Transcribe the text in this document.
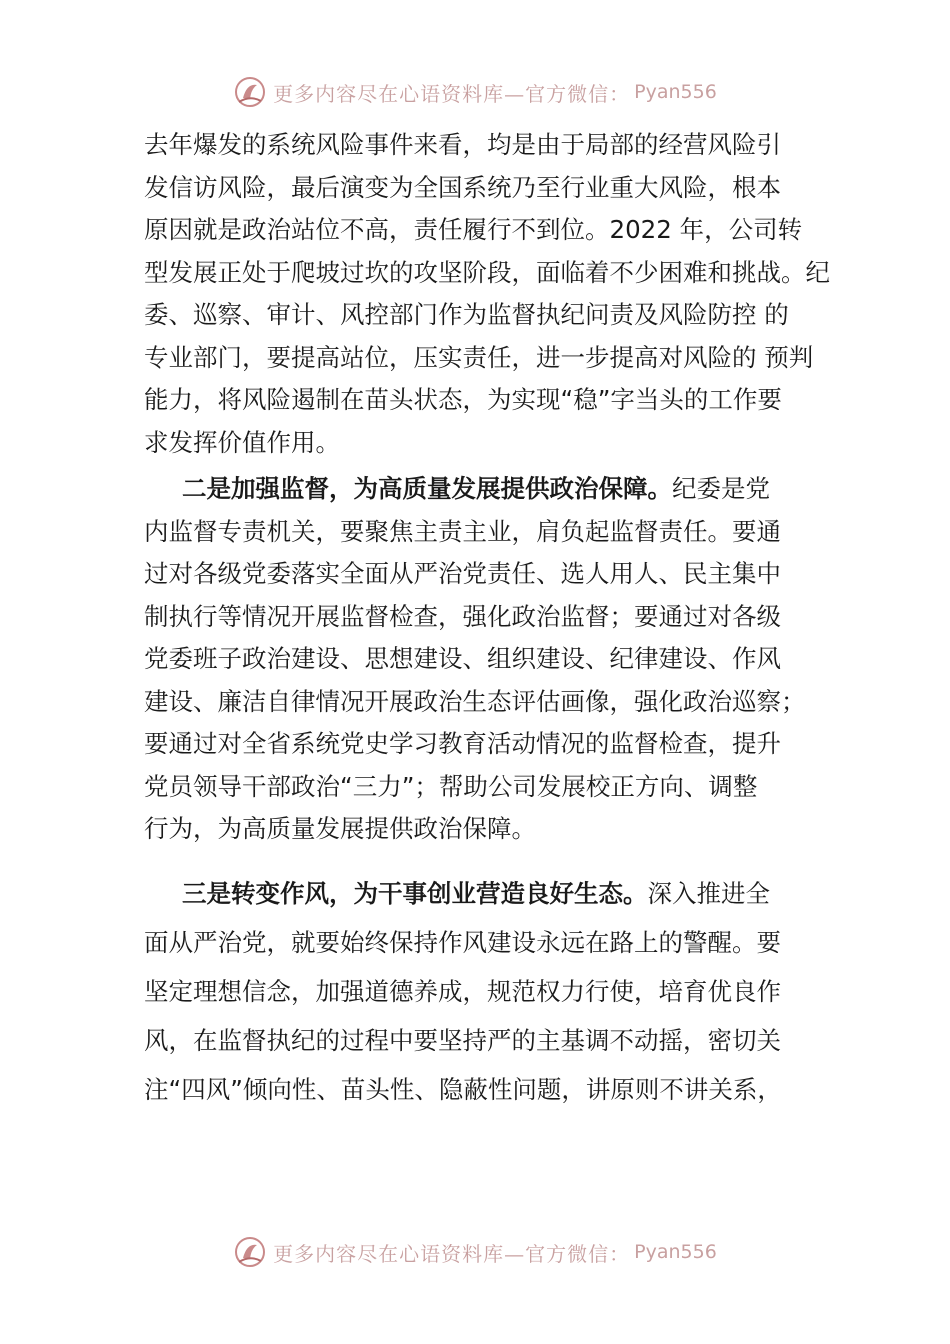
更多内容尽在心语资料库—官方微信： Pyan556
去年爆发的系统风险事件来看，均是由于局部的经营风险引
发信访风险，最后演变为全国系统乃至行业重大风险，根本
原因就是政治站位不高，责任履行不到位。2022 年，公司转
型发展正处于爬坡过坎的攻坚阶段，面临着不少困难和挑战。纪
委、巡察、审计、风控部门作为监督执纪问责及风险防控 的
专业部门，要提高站位，压实责任，进一步提高对风险的 预判
能力，将风险遏制在苗头状态，为实现“稳”字当头的工作要
求发挥价值作用。
二是加强监督，为高质量发展提供政治保障。纪委是党
内监督专责机关，要聚焦主责主业，肩负起监督责任。要通
过对各级党委落实全面从严治党责任、选人用人、民主集中
制执行等情况开展监督检查，强化政治监督；要通过对各级
党委班子政治建设、思想建设、组织建设、纪律建设、作风
建设、廉洁自律情况开展政治生态评估画像，强化政治巡察；
要通过对全省系统党史学习教育活动情况的监督检查，提升
党员领导干部政治“三力”；帮助公司发展校正方向、调整
行为，为高质量发展提供政治保障。
三是转变作风，为干事创业营造良好生态。深入推进全
面从严治党，就要始终保持作风建设永远在路上的警醒。要
坚定理想信念，加强道德养成，规范权力行使，培育优良作
风，在监督执纪的过程中要坚持严的主基调不动摇，密切关
注“四风”倾向性、苗头性、隐蔽性问题，讲原则不讲关系，
更多内容尽在心语资料库—官方微信： Pyan556
